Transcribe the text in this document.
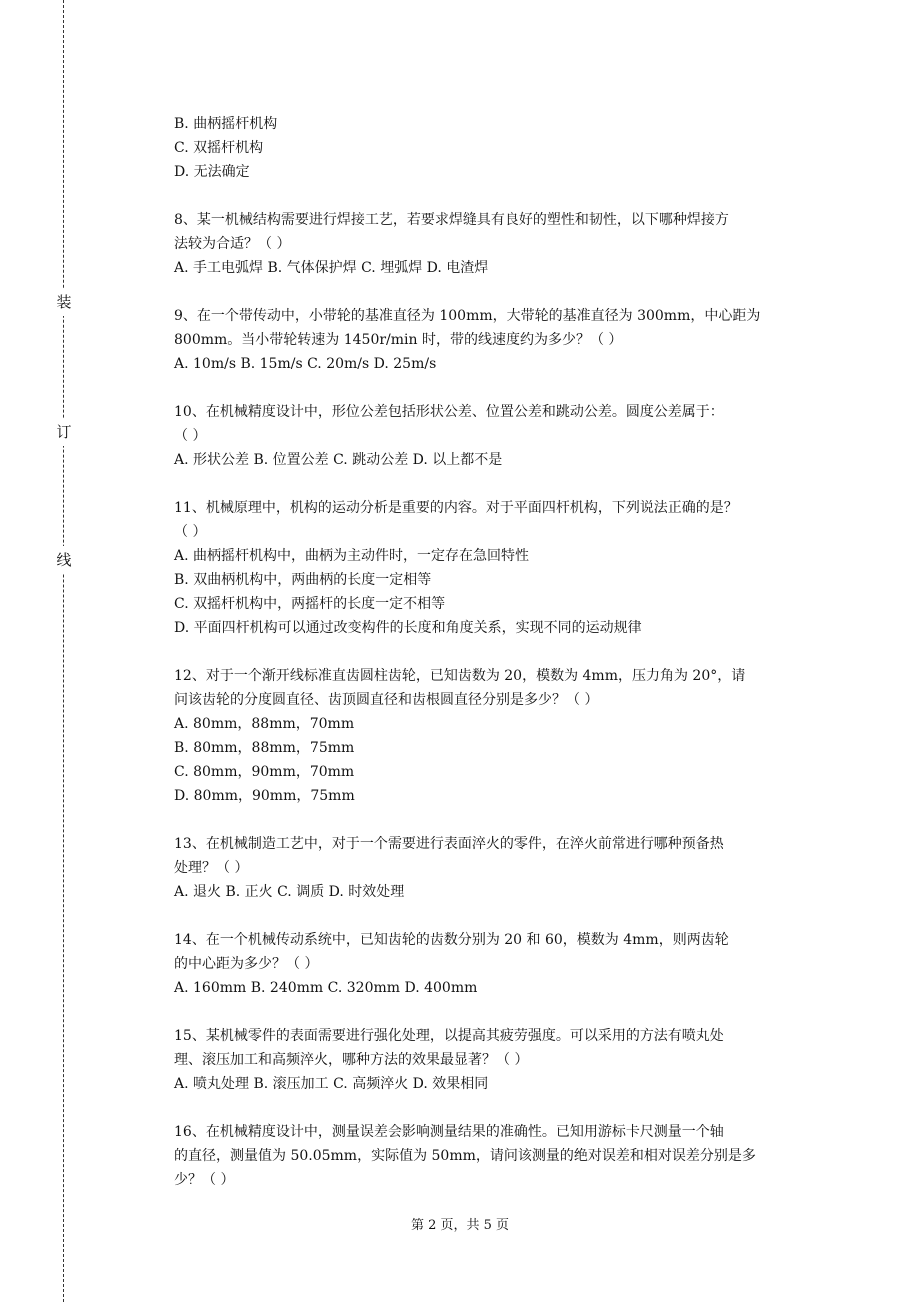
装
订
线
B. 曲柄摇杆机构
C. 双摇杆机构
D. 无法确定
8、某一机械结构需要进行焊接工艺，若要求焊缝具有良好的塑性和韧性，以下哪种焊接方
法较为合适？（ ）
A. 手工电弧焊 B. 气体保护焊 C. 埋弧焊 D. 电渣焊
9、在一个带传动中，小带轮的基准直径为 100mm，大带轮的基准直径为 300mm，中心距为
800mm。当小带轮转速为 1450r/min 时，带的线速度约为多少？（ ）
A. 10m/s B. 15m/s C. 20m/s D. 25m/s
10、在机械精度设计中，形位公差包括形状公差、位置公差和跳动公差。圆度公差属于：
（ ）
A. 形状公差 B. 位置公差 C. 跳动公差 D. 以上都不是
11、机械原理中，机构的运动分析是重要的内容。对于平面四杆机构，下列说法正确的是？
（ ）
A. 曲柄摇杆机构中，曲柄为主动件时，一定存在急回特性
B. 双曲柄机构中，两曲柄的长度一定相等
C. 双摇杆机构中，两摇杆的长度一定不相等
D. 平面四杆机构可以通过改变构件的长度和角度关系，实现不同的运动规律
12、对于一个渐开线标准直齿圆柱齿轮，已知齿数为 20，模数为 4mm，压力角为 20°，请
问该齿轮的分度圆直径、齿顶圆直径和齿根圆直径分别是多少？（ ）
A. 80mm，88mm，70mm
B. 80mm，88mm，75mm
C. 80mm，90mm，70mm
D. 80mm，90mm，75mm
13、在机械制造工艺中，对于一个需要进行表面淬火的零件，在淬火前常进行哪种预备热
处理？（ ）
A. 退火 B. 正火 C. 调质 D. 时效处理
14、在一个机械传动系统中，已知齿轮的齿数分别为 20 和 60，模数为 4mm，则两齿轮
的中心距为多少？（ ）
A. 160mm B. 240mm C. 320mm D. 400mm
15、某机械零件的表面需要进行强化处理，以提高其疲劳强度。可以采用的方法有喷丸处
理、滚压加工和高频淬火，哪种方法的效果最显著？（ ）
A. 喷丸处理 B. 滚压加工 C. 高频淬火 D. 效果相同
16、在机械精度设计中，测量误差会影响测量结果的准确性。已知用游标卡尺测量一个轴
的直径，测量值为 50.05mm，实际值为 50mm，请问该测量的绝对误差和相对误差分别是多
少？（ ）
第 2 页，共 5 页
